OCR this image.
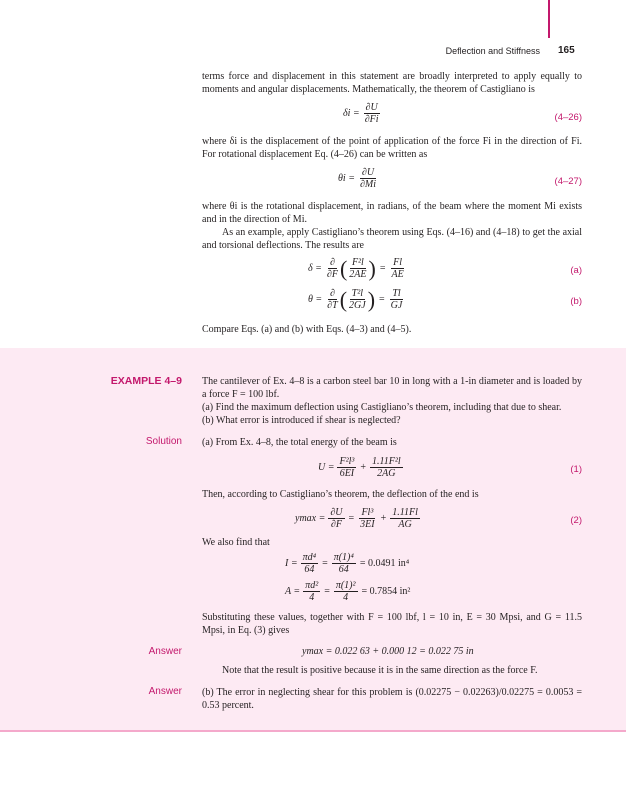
Deflection and Stiffness 165
terms force and displacement in this statement are broadly interpreted to apply equally to moments and angular displacements. Mathematically, the theorem of Castigliano is
$\delta i = \frac{\partial U}{\partial Fi}$	(4–26)
where δi is the displacement of the point of application of the force Fi in the direction of Fi. For rotational displacement Eq. (4–26) can be written as
$\theta i = \frac{\partial U}{\partial Mi}$	(4–27)
where θi is the rotational displacement, in radians, of the beam where the moment Mi exists and in the direction of Mi.
As an example, apply Castigliano’s theorem using Eqs. (4–16) and (4–18) to get the axial and torsional deflections. The results are
$\delta = \frac{\partial}{\partial F}$ ( $\frac{\text{F²l}}{2AE}$ ) = $\frac{Fl}{AE}$	(a)
$\theta = \frac{\partial}{\partial T}$ ( $\frac{\text{T²l}}{2GJ}$ ) = $\frac{Tl}{GJ}$	(b)
Compare Eqs. (a) and (b) with Eqs. (4–3) and (4–5).
EXAMPLE 4–9 The cantilever of Ex. 4–8 is a carbon steel bar 10 in long with a 1-in diameter and is loaded by a force F = 100 lbf.
(a) Find the maximum deflection using Castigliano’s theorem, including that due to shear.
(b) What error is introduced if shear is neglected?
Solution (a) From Ex. 4–8, the total energy of the beam is
$U = \frac{\text{F²l³}}{6EI} + \frac{\text{1.11F²l}}{2AG}$	(1)
Then, according to Castigliano’s theorem, the deflection of the end is
$ymax = \frac{\partial U}{\partial F} = \frac{\text{Fl³}}{3EI} + \frac{1.11Fl}{AG}$	(2)
We also find that
$I = \frac{\text{πd⁴}}{64} = \frac{\text{π(1)⁴}}{64} = 0.0491$ in⁴
$A = \frac{\text{πd²}}{4} = \frac{\text{π(1)²}}{4} = 0.7854$ in²
Substituting these values, together with F = 100 lbf, l = 10 in, E = 30 Mpsi, and G = 11.5 Mpsi, in Eq. (3) gives
Answer	ymax = 0.022 63 + 0.000 12 = 0.022 75 in
Note that the result is positive because it is in the same direction as the force F.
Answer (b) The error in neglecting shear for this problem is (0.02275 − 0.02263)/0.02275 = 0.0053 = 0.53 percent.
